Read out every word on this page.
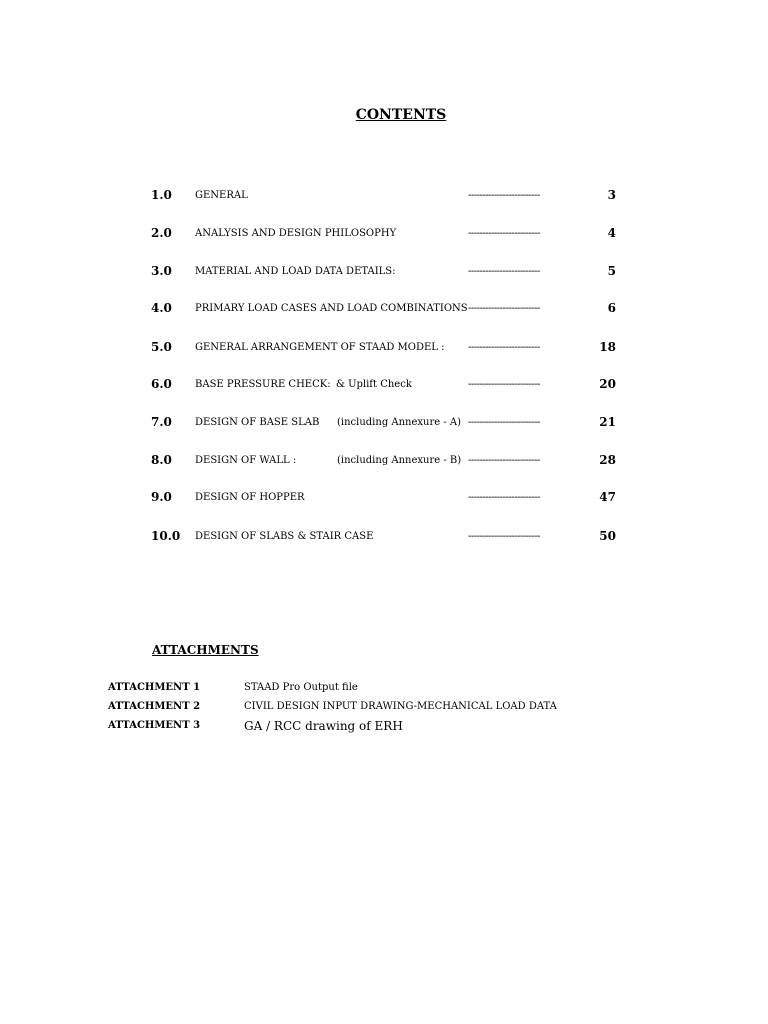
CONTENTS
1.0 GENERAL	-------------------------	3
2.0 ANALYSIS AND DESIGN PHILOSOPHY	-------------------------	4
3.0 MATERIAL AND LOAD DATA DETAILS:	-------------------------	5
4.0 PRIMARY LOAD CASES AND LOAD COMBINATIONS -------------------------	6
5.0 GENERAL ARRANGEMENT OF STAAD MODEL : -------------------------	18
6.0 BASE PRESSURE CHECK: & Uplift Check	-------------------------	20
7.0 DESIGN OF BASE SLAB (including Annexure - A) -------------------------	21
8.0 DESIGN OF WALL :	(including Annexure - B) -------------------------	28
9.0 DESIGN OF HOPPER	-------------------------	47
10.0 DESIGN OF SLABS & STAIR CASE	-------------------------	50
ATTACHMENTS
ATTACHMENT 1	STAAD Pro Output file
ATTACHMENT 2	CIVIL DESIGN INPUT DRAWING-MECHANICAL LOAD DATA
ATTACHMENT 3	GA / RCC drawing of ERH
